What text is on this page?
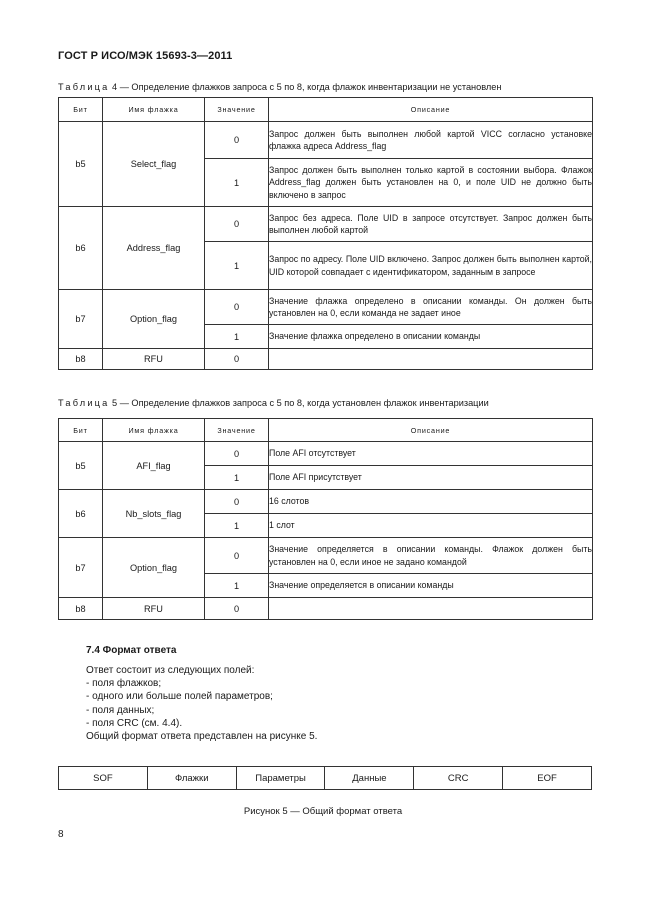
ГОСТ Р ИСО/МЭК 15693-3—2011
Таблица 4 — Определение флажков запроса с 5 по 8, когда флажок инвентаризации не установлен
Бит	Имя флажка	Значение	Описание
b5	Select_flag	0	Запрос должен быть выполнен любой картой VICC согласно установке флажка адреса Address_flag
		1	Запрос должен быть выполнен только картой в состоянии выбора. Флажок Address_flag должен быть установлен на 0, и поле UID не должно быть включено в запрос
b6	Address_flag	0	Запрос без адреса. Поле UID в запросе отсутствует. Запрос должен быть выполнен любой картой
		1	Запрос по адресу. Поле UID включено. Запрос должен быть выполнен картой, UID которой совпадает с идентификатором, заданным в запросе
b7	Option_flag	0	Значение флажка определено в описании команды. Он должен быть установлен на 0, если команда не задает иное
		1	Значение флажка определено в описании команды
b8	RFU	0	
Таблица 5 — Определение флажков запроса с 5 по 8, когда установлен флажок инвентаризации
Бит	Имя флажка	Значение	Описание
b5	AFI_flag	0	Поле AFI отсутствует
		1	Поле AFI присутствует
b6	Nb_slots_flag	0	16 слотов
		1	1 слот
b7	Option_flag	0	Значение определяется в описании команды. Флажок должен быть установлен на 0, если иное не задано командой
		1	Значение определяется в описании команды
b8	RFU	0	
7.4 Формат ответа
Ответ состоит из следующих полей:
- поля флажков;
- одного или больше полей параметров;
- поля данных;
- поля CRC (см. 4.4).
Общий формат ответа представлен на рисунке 5.
SOF	Флажки	Параметры	Данные	CRC	EOF
Рисунок 5 — Общий формат ответа
8
